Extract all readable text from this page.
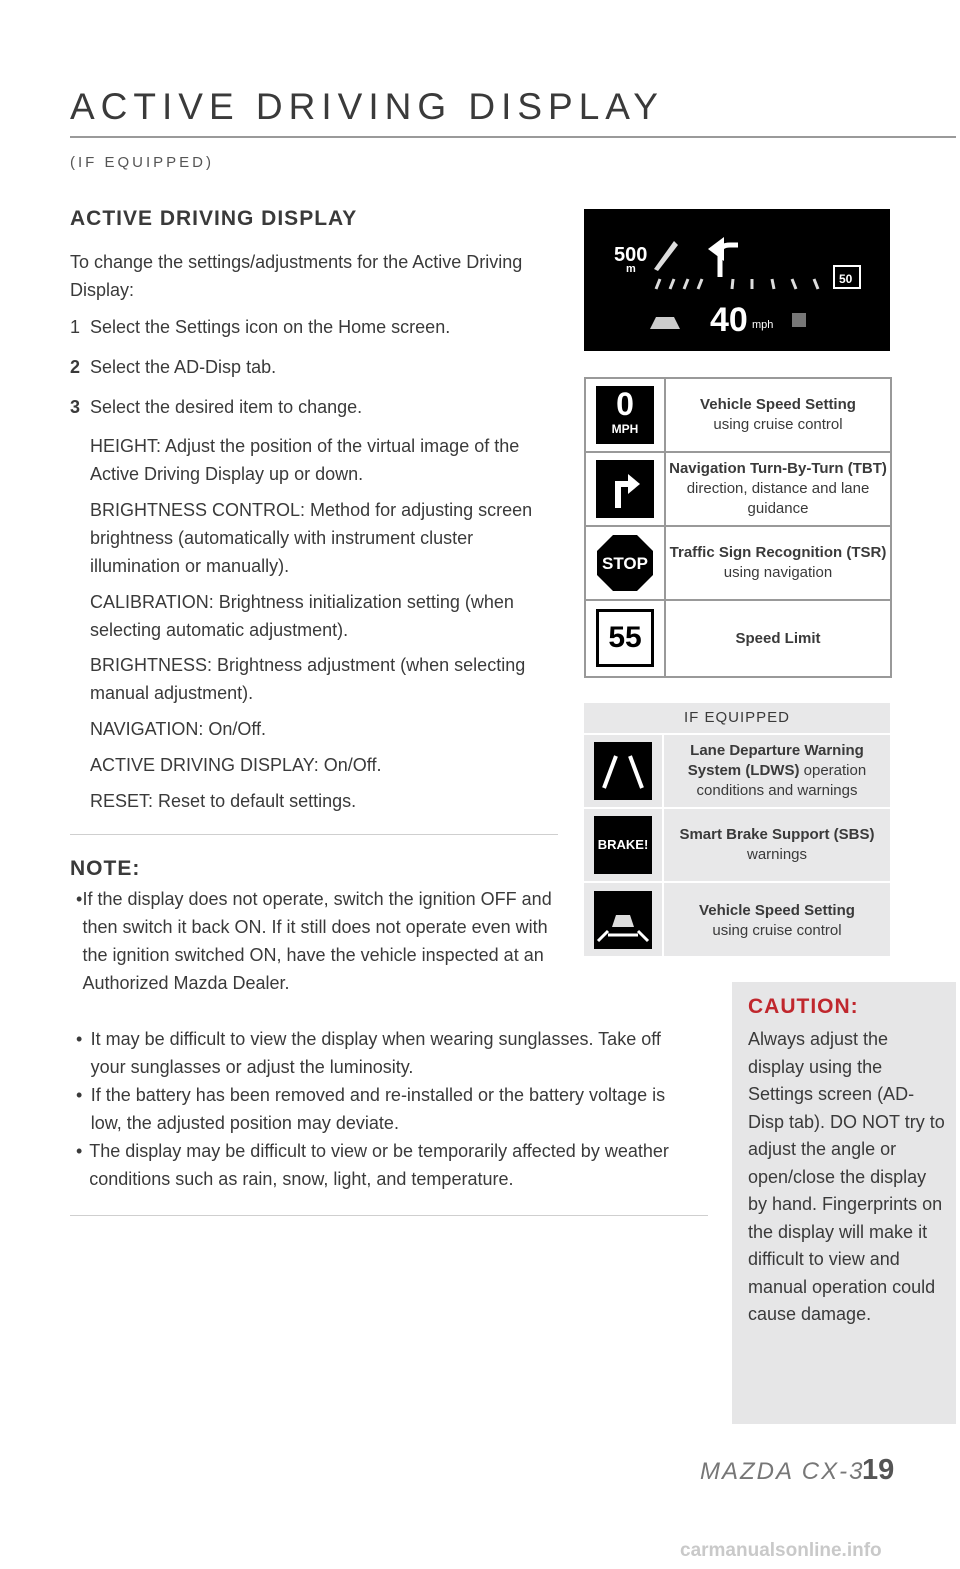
ACTIVE DRIVING DISPLAY
(IF EQUIPPED)
ACTIVE DRIVING DISPLAY
To change the settings/adjustments for the Active Driving Display:
1 Select the Settings icon on the Home screen.
2 Select the AD-Disp tab.
3 Select the desired item to change.
HEIGHT: Adjust the position of the virtual image of the Active Driving Display up or down.
BRIGHTNESS CONTROL: Method for adjusting screen brightness (automatically with instrument cluster illumination or manually).
CALIBRATION: Brightness initialization setting (when selecting automatic adjustment).
BRIGHTNESS: Brightness adjustment (when selecting manual adjustment).
NAVIGATION: On/Off.
ACTIVE DRIVING DISPLAY: On/Off.
RESET: Reset to default settings.
NOTE:
• If the display does not operate, switch the ignition OFF and then switch it back ON. If it still does not operate even with the ignition switched ON, have the vehicle inspected at an Authorized Mazda Dealer.
• It may be difficult to view the display when wearing sunglasses. Take off your sunglasses or adjust the luminosity.
• If the battery has been removed and re-installed or the battery voltage is low, the adjusted position may deviate.
• The display may be difficult to view or be temporarily affected by weather conditions such as rain, snow, light, and temperature.
500
m
50
40 mph
0
MPH
Vehicle Speed Setting
using cruise control
Navigation Turn-By-Turn (TBT) direction, distance and lane guidance
STOP
Traffic Sign Recognition (TSR) using navigation
55	Speed Limit
IF EQUIPPED
Lane Departure Warning System (LDWS) operation conditions and warnings
BRAKE!
Smart Brake Support (SBS) warnings
Vehicle Speed Setting
using cruise control
CAUTION:
Always adjust the display using the Settings screen (AD-Disp tab). DO NOT try to adjust the angle or open/close the display by hand. Fingerprints on the display will make it difficult to view and manual operation could cause damage.
MAZDA CX-3
19
carmanualsonline.info
